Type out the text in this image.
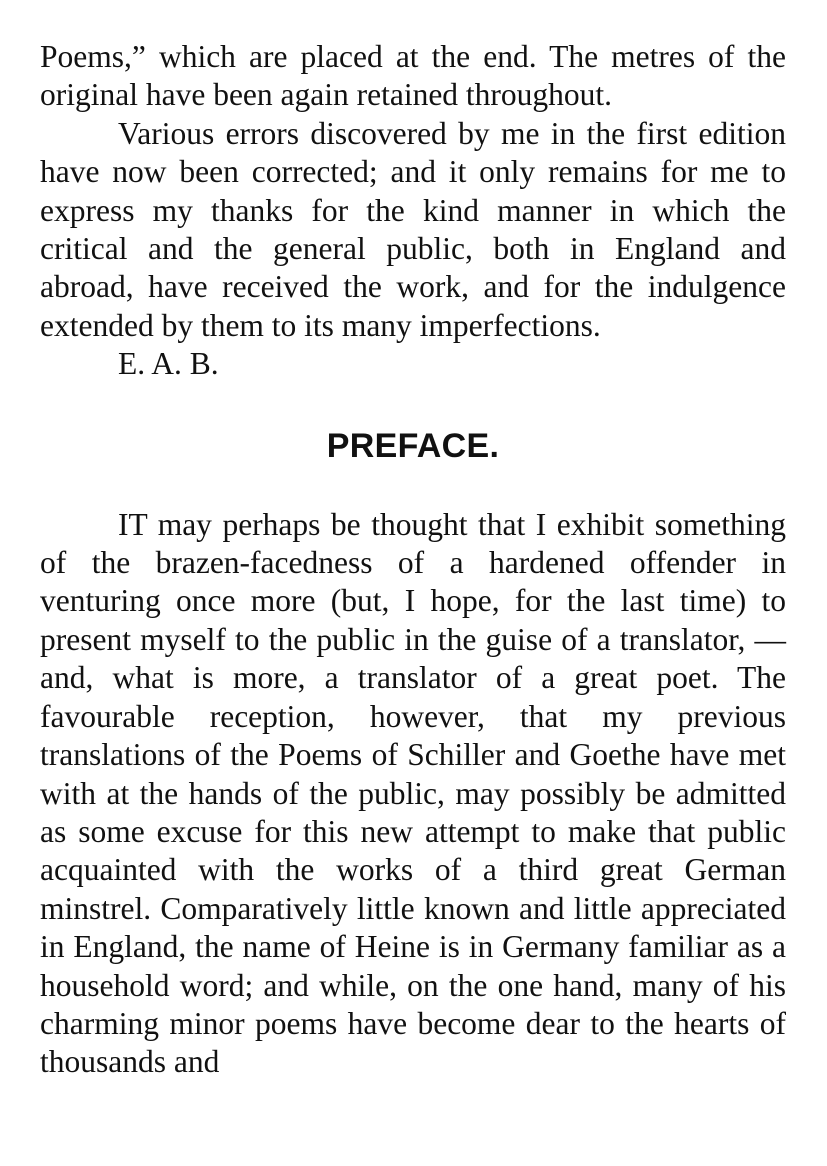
Poems,” which are placed at the end. The metres of the original have been again retained throughout.

Various errors discovered by me in the first edition have now been corrected; and it only remains for me to express my thanks for the kind manner in which the critical and the general public, both in England and abroad, have received the work, and for the indulgence extended by them to its many imperfections.

E. A. B.

PREFACE.

IT may perhaps be thought that I exhibit something of the brazen-facedness of a hardened offender in venturing once more (but, I hope, for the last time) to present myself to the public in the guise of a translator, — and, what is more, a translator of a great poet. The favourable reception, however, that my previous translations of the Poems of Schiller and Goethe have met with at the hands of the public, may possibly be admitted as some excuse for this new attempt to make that public acquainted with the works of a third great German minstrel. Comparatively little known and little appreciated in England, the name of Heine is in Germany familiar as a household word; and while, on the one hand, many of his charming minor poems have become dear to the hearts of thousands and
